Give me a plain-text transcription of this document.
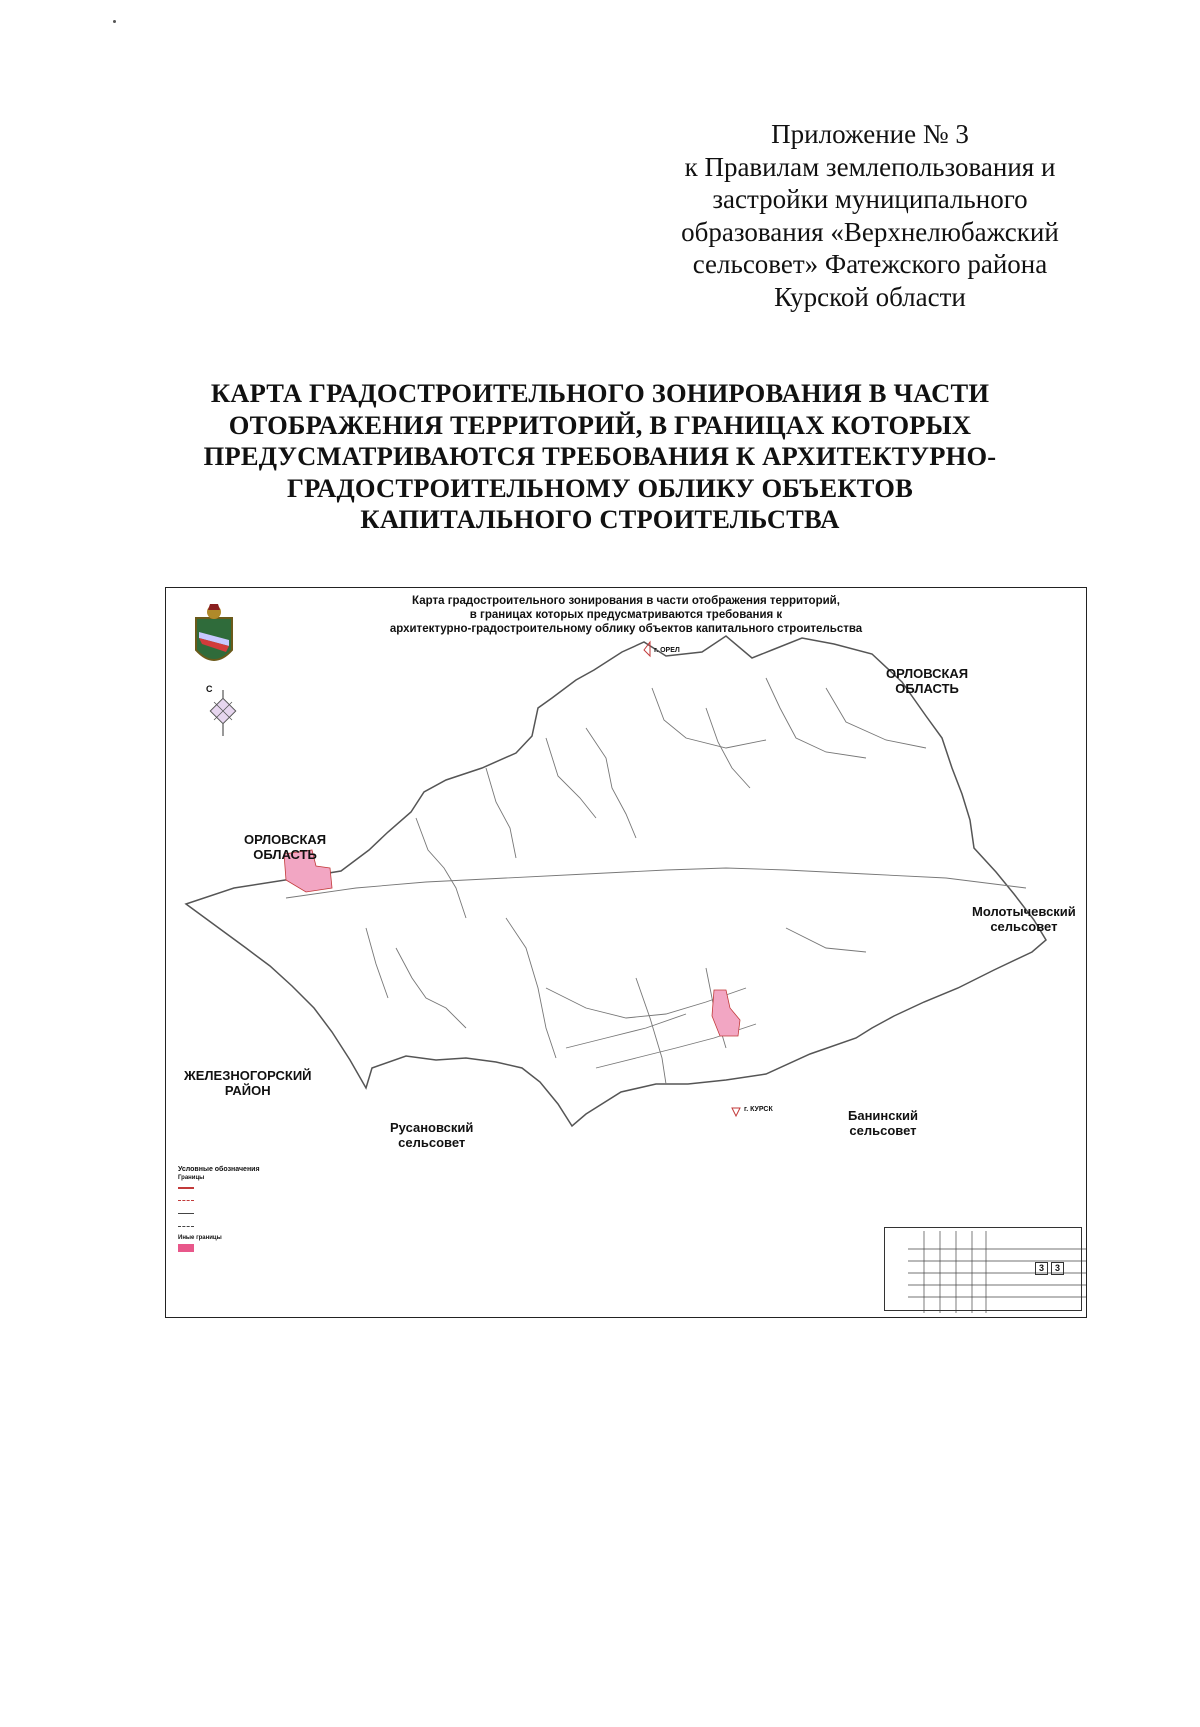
Приложение № 3
к Правилам землепользования и
застройки муниципального
образования «Верхнелюбажский
сельсовет» Фатежского района
Курской области
КАРТА ГРАДОСТРОИТЕЛЬНОГО ЗОНИРОВАНИЯ В ЧАСТИ
ОТОБРАЖЕНИЯ ТЕРРИТОРИЙ, В ГРАНИЦАХ КОТОРЫХ
ПРЕДУСМАТРИВАЮТСЯ ТРЕБОВАНИЯ К АРХИТЕКТУРНО-
ГРАДОСТРОИТЕЛЬНОМУ ОБЛИКУ ОБЪЕКТОВ
КАПИТАЛЬНОГО СТРОИТЕЛЬСТВА
Карта градостроительного зонирования в части отображения территорий,
в границах которых предусматриваются требования к
архитектурно-градостроительному облику объектов капитального строительства
С
ОРЛОВСКАЯ
ОБЛАСТЬ
ОРЛОВСКАЯ
ОБЛАСТЬ
Молотычевский
сельсовет
ЖЕЛЕЗНОГОРСКИЙ
РАЙОН
Банинский
сельсовет
Русановский
сельсовет
г. ОРЕЛ
г. КУРСК
Условные обозначения
Границы
Иные границы
3	3
